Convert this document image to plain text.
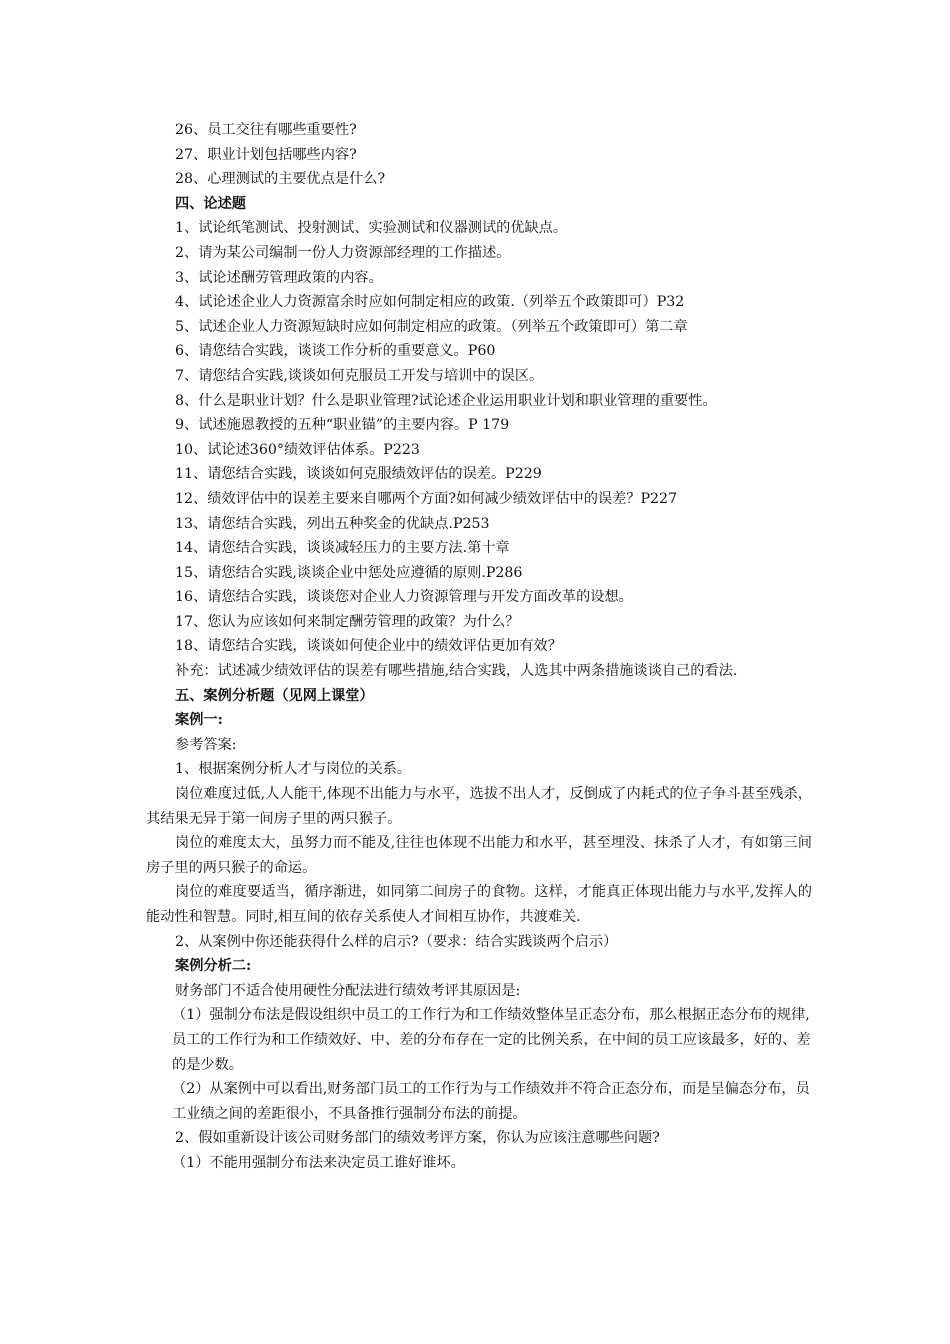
26、员工交往有哪些重要性?

27、职业计划包括哪些内容?

28、心理测试的主要优点是什么?

四、论述题

1、试论纸笔测试、投射测试、实验测试和仪器测试的优缺点。

2、请为某公司编制一份人力资源部经理的工作描述。

3、试论述酬劳管理政策的内容。

4、试论述企业人力资源富余时应如何制定相应的政策.（列举五个政策即可）P32

5、试述企业人力资源短缺时应如何制定相应的政策。（列举五个政策即可）第二章

6、请您结合实践，谈谈工作分析的重要意义。P60

7、请您结合实践,谈谈如何克服员工开发与培训中的误区。

8、什么是职业计划？什么是职业管理?试论述企业运用职业计划和职业管理的重要性。

9、试述施恩教授的五种“职业锚”的主要内容。P 179

10、试论述360°绩效评估体系。P223

11、请您结合实践，谈谈如何克服绩效评估的误差。P229

12、绩效评估中的误差主要来自哪两个方面?如何减少绩效评估中的误差？P227

13、请您结合实践，列出五种奖金的优缺点.P253

14、请您结合实践，谈谈减轻压力的主要方法.第十章

15、请您结合实践,谈谈企业中惩处应遵循的原则.P286

16、请您结合实践，谈谈您对企业人力资源管理与开发方面改革的设想。

17、您认为应该如何来制定酬劳管理的政策？为什么？

18、请您结合实践，谈谈如何使企业中的绩效评估更加有效？

补充：试述减少绩效评估的误差有哪些措施,结合实践，人选其中两条措施谈谈自己的看法.

五、案例分析题（见网上课堂）

案例一:

参考答案:

1、根据案例分析人才与岗位的关系。

岗位难度过低,人人能干,体现不出能力与水平，选拔不出人才，反倒成了内耗式的位子争斗甚至残杀，其结果无异于第一间房子里的两只猴子。

岗位的难度太大，虽努力而不能及,往往也体现不出能力和水平，甚至埋没、抹杀了人才，有如第三间房子里的两只猴子的命运。

岗位的难度要适当，循序渐进，如同第二间房子的食物。这样，才能真正体现出能力与水平,发挥人的能动性和智慧。同时,相互间的依存关系使人才间相互协作，共渡难关.

2、从案例中你还能获得什么样的启示?（要求：结合实践谈两个启示）

案例分析二:

财务部门不适合使用硬性分配法进行绩效考评其原因是:

（1）强制分布法是假设组织中员工的工作行为和工作绩效整体呈正态分布，那么根据正态分布的规律,员工的工作行为和工作绩效好、中、差的分布存在一定的比例关系，在中间的员工应该最多，好的、差的是少数。

（2）从案例中可以看出,财务部门员工的工作行为与工作绩效并不符合正态分布，而是呈偏态分布，员工业绩之间的差距很小，不具备推行强制分布法的前提。

2、假如重新设计该公司财务部门的绩效考评方案，你认为应该注意哪些问题?

（1）不能用强制分布法来决定员工谁好谁坏。
